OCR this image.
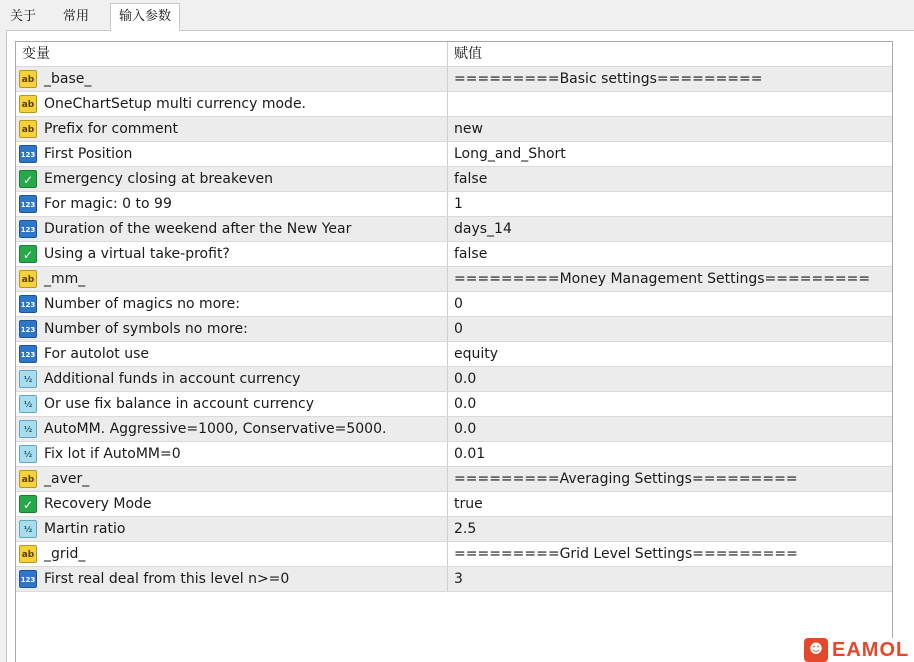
关于	常用	输入参数
变量	赋值
ab _base_	=========Basic settings=========
ab OneChartSetup multi currency mode.
ab Prefix for comment	new
123 First Position	Long_and_Short
✓ Emergency closing at breakeven	false
123 For magic: 0 to 99	1
123 Duration of the weekend after the New Year	days_14
✓ Using a virtual take-profit?	false
ab _mm_	=========Money Management Settings=========
123 Number of magics no more:	0
123 Number of symbols no more:	0
123 For autolot use	equity
½ Additional funds in account currency	0.0
½ Or use fix balance in account currency	0.0
½ AutoMM. Aggressive=1000, Conservative=5000.	0.0
½ Fix lot if AutoMM=0	0.01
ab _aver_	=========Averaging Settings=========
✓ Recovery Mode	true
½ Martin ratio	2.5
ab _grid_	=========Grid Level Settings=========
123 First real deal from this level n>=0	3
☻ EAMOL
